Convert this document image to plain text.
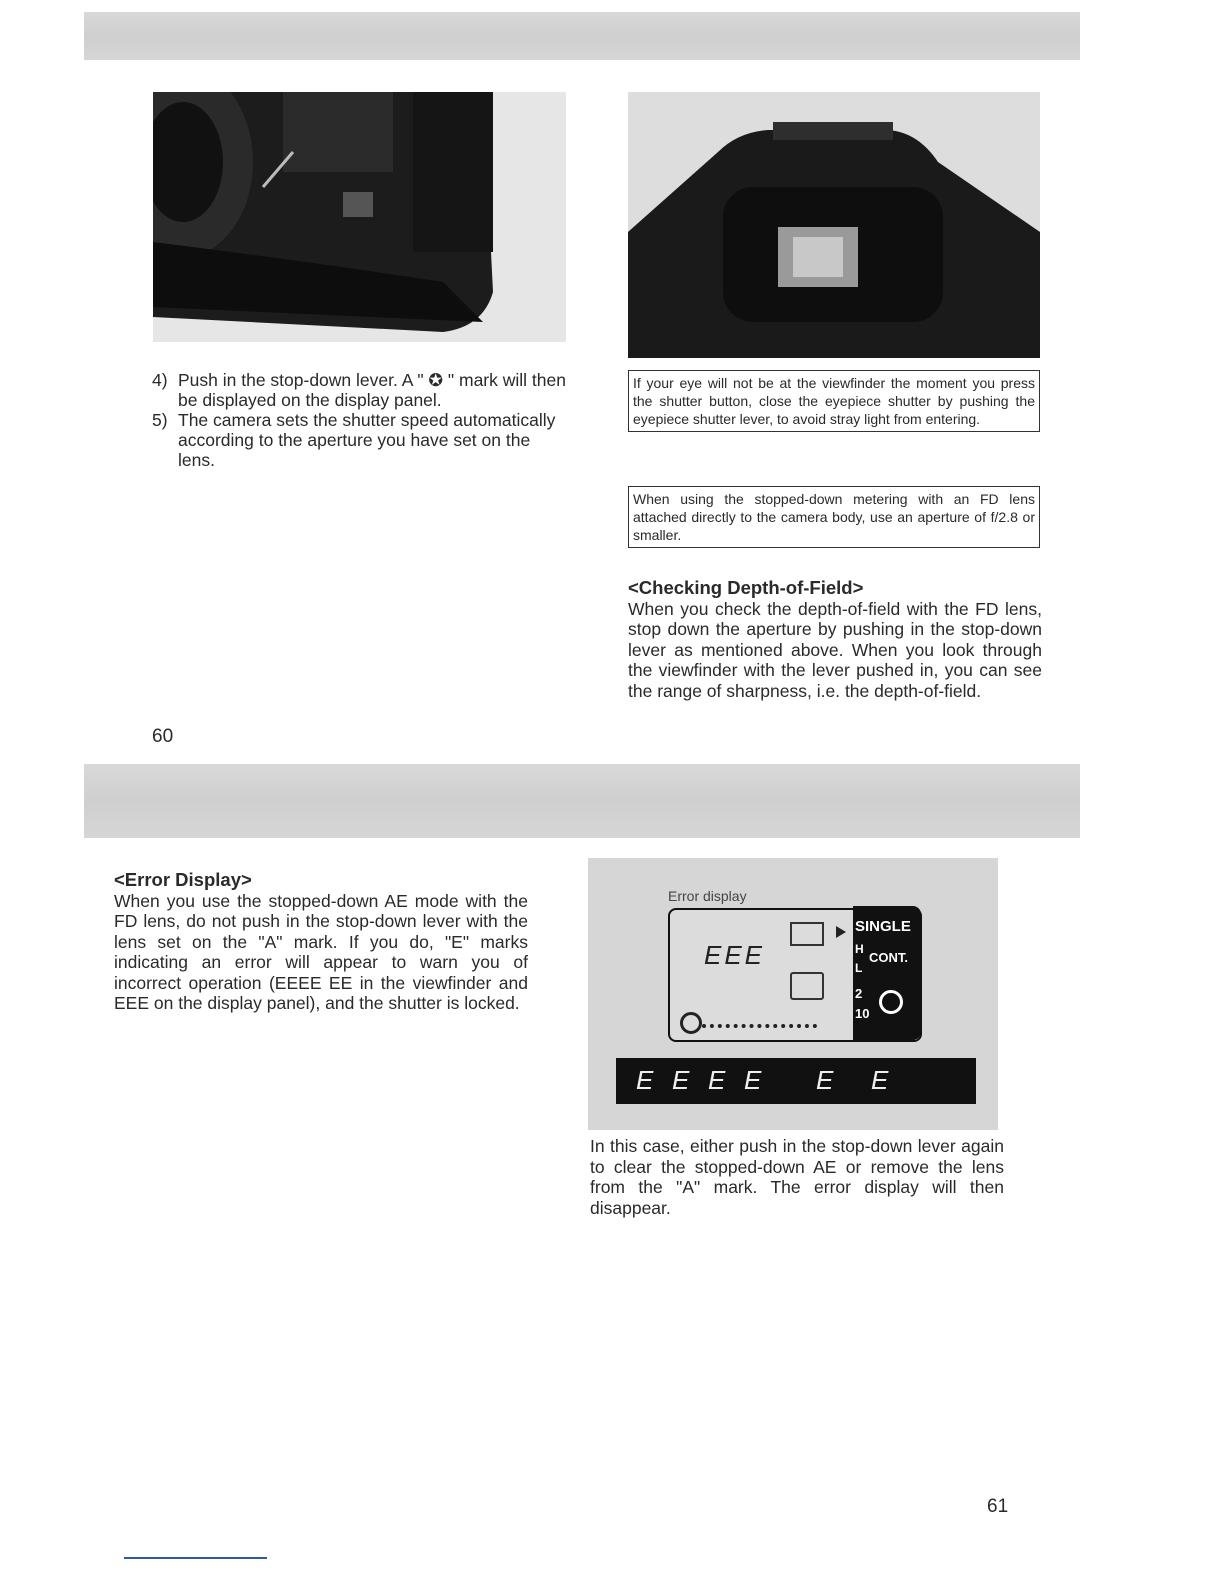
4) Push in the stop-down lever. A " ✪ " mark will then be displayed on the display panel.
5) The camera sets the shutter speed automatically according to the aperture you have set on the lens.
If your eye will not be at the viewfinder the moment you press the shutter button, close the eyepiece shutter by pushing the eyepiece shutter lever, to avoid stray light from entering.
When using the stopped-down metering with an FD lens attached directly to the camera body, use an aperture of f/2.8 or smaller.
<Checking Depth-of-Field>
When you check the depth-of-field with the FD lens, stop down the aperture by pushing in the stop-down lever as mentioned above. When you look through the viewfinder with the lever pushed in, you can see the range of sharpness, i.e. the depth-of-field.
60
<Error Display>
When you use the stopped-down AE mode with the FD lens, do not push in the stop-down lever with the lens set on the "A" mark. If you do, "E" marks indicating an error will appear to warn you of incorrect operation (EEEE EE in the viewfinder and EEE on the display panel), and the shutter is locked.
Error display
EEE
SINGLE
H
CONT.
L
2
10
E E E E E E
In this case, either push in the stop-down lever again to clear the stopped-down AE or remove the lens from the "A" mark. The error display will then disappear.
61
